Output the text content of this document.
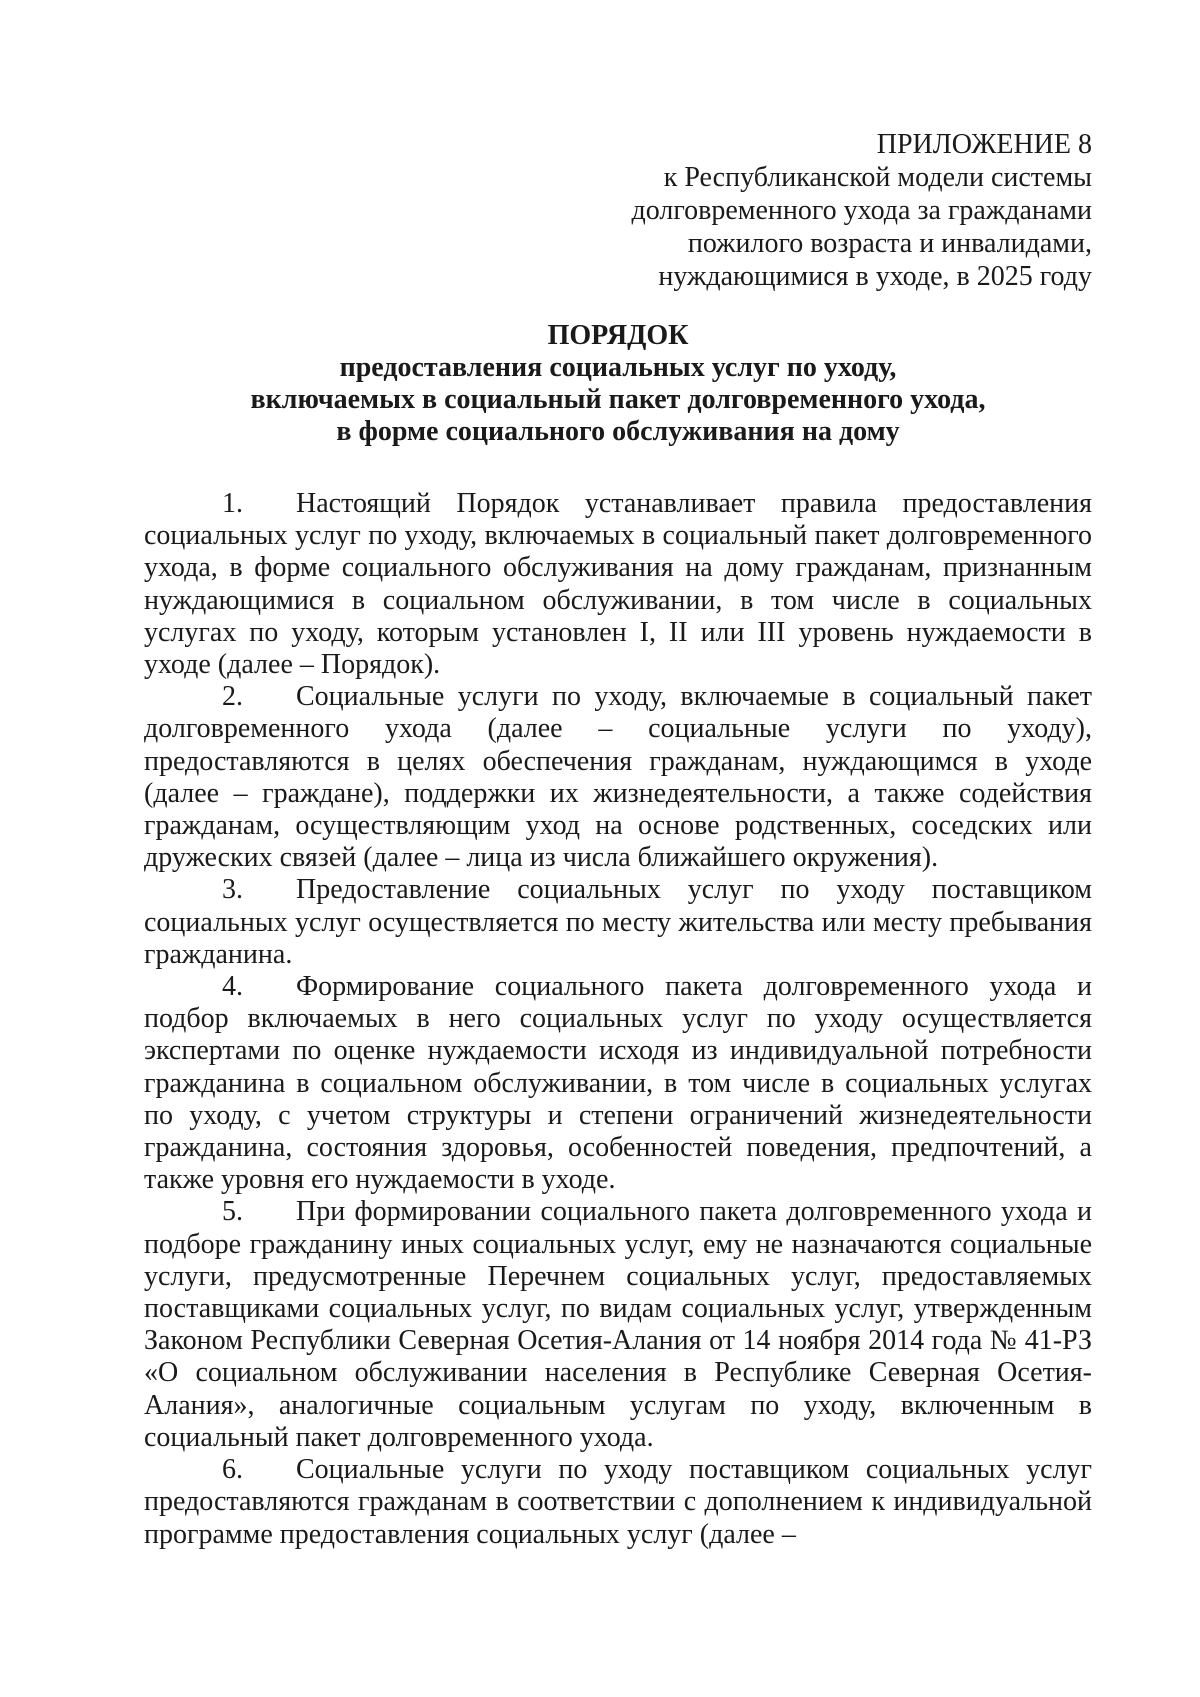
ПРИЛОЖЕНИЕ 8
к Республиканской модели системы
долговременного ухода за гражданами
пожилого возраста и инвалидами,
нуждающимися в уходе, в 2025 году
ПОРЯДОК
предоставления социальных услуг по уходу,
включаемых в социальный пакет долговременного ухода,
в форме социального обслуживания на дому

1. Настоящий Порядок устанавливает правила предоставления социальных услуг по уходу, включаемых в социальный пакет долговременного ухода, в форме социального обслуживания на дому гражданам, признанным нуждающимися в социальном обслуживании, в том числе в социальных услугах по уходу, которым установлен I, II или III уровень нуждаемости в уходе (далее – Порядок).

2. Социальные услуги по уходу, включаемые в социальный пакет долговременного ухода (далее – социальные услуги по уходу), предоставляются в целях обеспечения гражданам, нуждающимся в уходе (далее – граждане), поддержки их жизнедеятельности, а также содействия гражданам, осуществляющим уход на основе родственных, соседских или дружеских связей (далее – лица из числа ближайшего окружения).

3. Предоставление социальных услуг по уходу поставщиком социальных услуг осуществляется по месту жительства или месту пребывания гражданина.

4. Формирование социального пакета долговременного ухода и подбор включаемых в него социальных услуг по уходу осуществляется экспертами по оценке нуждаемости исходя из индивидуальной потребности гражданина в социальном обслуживании, в том числе в социальных услугах по уходу, с учетом структуры и степени ограничений жизнедеятельности гражданина, состояния здоровья, особенностей поведения, предпочтений, а также уровня его нуждаемости в уходе.

5. При формировании социального пакета долговременного ухода и подборе гражданину иных социальных услуг, ему не назначаются социальные услуги, предусмотренные Перечнем социальных услуг, предоставляемых поставщиками социальных услуг, по видам социальных услуг, утвержденным Законом Республики Северная Осетия-Алания от 14 ноября 2014 года № 41-РЗ «О социальном обслуживании населения в Республике Северная Осетия-Алания», аналогичные социальным услугам по уходу, включенным в социальный пакет долговременного ухода.

6. Социальные услуги по уходу поставщиком социальных услуг предоставляются гражданам в соответствии с дополнением к индивидуальной программе предоставления социальных услуг (далее –
